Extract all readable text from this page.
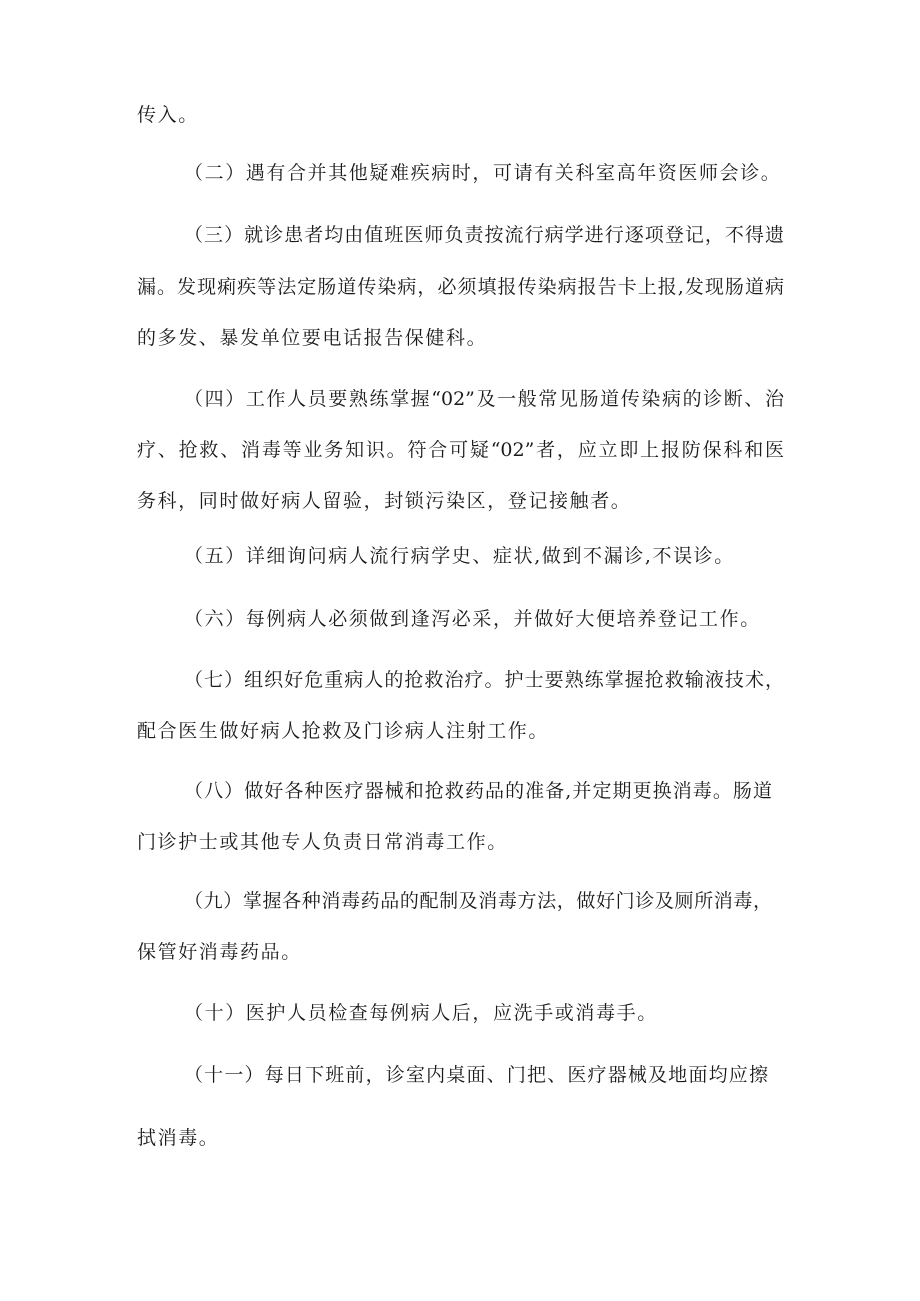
传入。
（二）遇有合并其他疑难疾病时，可请有关科室高年资医师会诊。
（三）就诊患者均由值班医师负责按流行病学进行逐项登记，不得遗
漏。发现痢疾等法定肠道传染病，必须填报传染病报告卡上报,发现肠道病
的多发、暴发单位要电话报告保健科。
（四）工作人员要熟练掌握“02”及一般常见肠道传染病的诊断、治
疗、抢救、消毒等业务知识。符合可疑“02”者，应立即上报防保科和医
务科，同时做好病人留验，封锁污染区，登记接触者。
（五）详细询问病人流行病学史、症状,做到不漏诊,不误诊。
（六）每例病人必须做到逢泻必采，并做好大便培养登记工作。
（七）组织好危重病人的抢救治疗。护士要熟练掌握抢救输液技术，
配合医生做好病人抢救及门诊病人注射工作。
（八）做好各种医疗器械和抢救药品的准备,并定期更换消毒。肠道
门诊护士或其他专人负责日常消毒工作。
（九）掌握各种消毒药品的配制及消毒方法，做好门诊及厕所消毒，
保管好消毒药品。
（十）医护人员检查每例病人后，应洗手或消毒手。
（十一）每日下班前，诊室内桌面、门把、医疗器械及地面均应擦
拭消毒。
